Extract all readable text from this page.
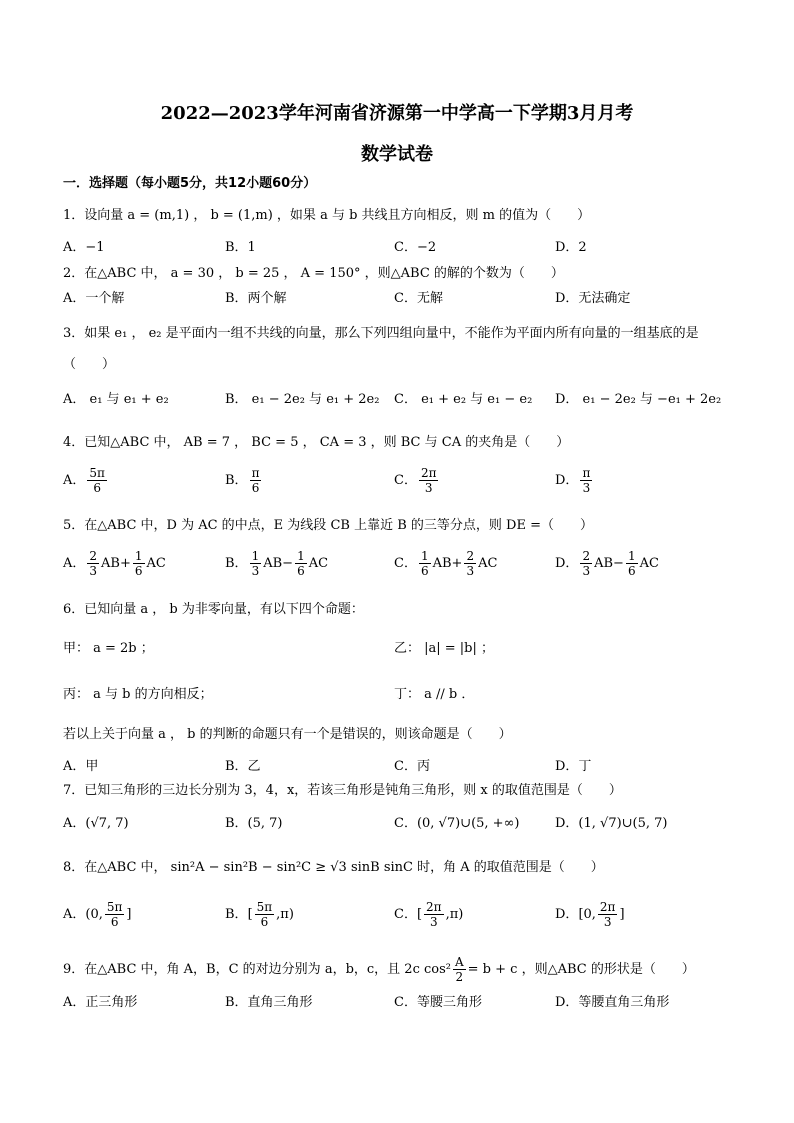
2022—2023学年河南省济源第一中学高一下学期3月月考
数学试卷
一．选择题（每小题5分，共12小题60分）
1．设向量 a = (m,1) ， b = (1,m) ，如果 a 与 b 共线且方向相反，则 m 的值为（　　）
A．−1	B．1	C．−2	D．2
2．在△ABC 中， a = 30 ， b = 25 ， A = 150° ，则△ABC 的解的个数为（　　）
A．一个解	B．两个解	C．无解	D．无法确定
3．如果 e₁ ， e₂ 是平面内一组不共线的向量，那么下列四组向量中，不能作为平面内所有向量的一组基底的是
（　　）
A． e₁ 与 e₁ + e₂	B． e₁ − 2e₂ 与 e₁ + 2e₂ C． e₁ + e₂ 与 e₁ − e₂ D． e₁ − 2e₂ 与 −e₁ + 2e₂
4．已知△ABC 中， AB = 7 ， BC = 5 ， CA = 3 ，则 BC 与 CA 的夹角是（　　）
A． $\frac{5\pi}{6}$	B． $\frac{\pi}{6}$	C． $\frac{2\pi}{3}$	D． $\frac{\pi}{3}$
5．在△ABC 中，D 为 AC 的中点，E 为线段 CB 上靠近 B 的三等分点，则 DE =（　　）
A． $\frac{2}{3} AB+ \frac{1}{6}$ AC	B． $\frac{1}{3} AB- \frac{1}{6}$ AC	C． $\frac{1}{6} AB+ \frac{2}{3}$ AC	D． $\frac{2}{3} AB- \frac{1}{6}$ AC
6．已知向量 a ， b 为非零向量，有以下四个命题：
甲： a = 2b ；	乙： |a| = |b| ；
丙： a 与 b 的方向相反；	丁： a // b ．
若以上关于向量 a ， b 的判断的命题只有一个是错误的，则该命题是（　　）
A．甲	B．乙	C．丙	D．丁
7．已知三角形的三边长分别为 3，4，x，若该三角形是钝角三角形，则 x 的取值范围是（　　）
A．(√7, 7)	B．(5, 7)	C．(0, √7)∪(5, +∞)	D．(1, √7)∪(5, 7)
8．在△ABC 中， sin²A − sin²B − sin²C ≥ √3 sinB sinC 时，角 A 的取值范围是（　　）
A．(0, $\frac{5\pi}{6}$ ]	B．[ $\frac{5\pi}{6} ,\pi$)	C．[ $\frac{2\pi}{3} ,\pi$)	D．[0, $\frac{2\pi}{3}$ ]
9．在△ABC 中，角 A，B，C 的对边分别为 a，b，c，且 2c $\cos^2 \frac{A}{2} = b + c$ ，则△ABC 的形状是（　　）
A．正三角形	B．直角三角形	C．等腰三角形	D．等腰直角三角形
